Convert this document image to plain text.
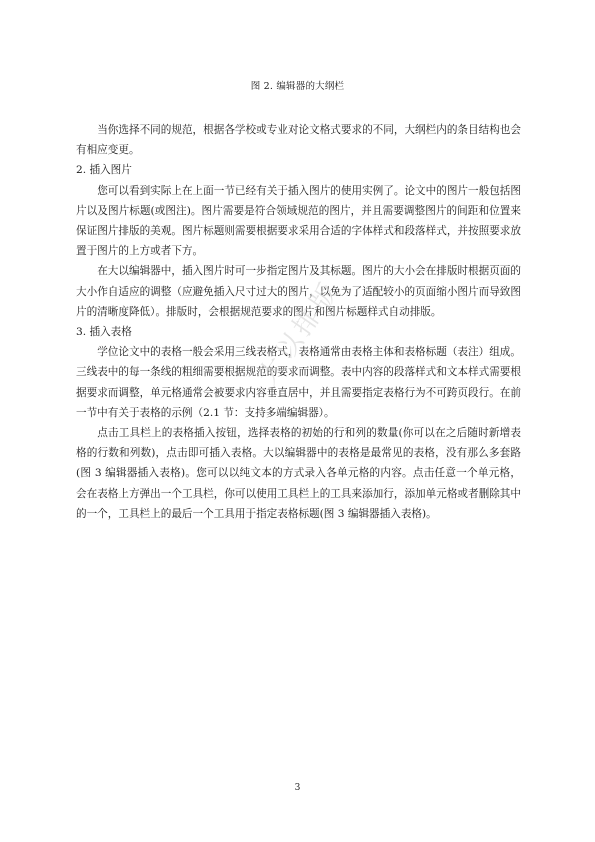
图 2. 编辑器的大纲栏

当你选择不同的规范，根据各学校或专业对论文格式要求的不同，大纲栏内的条目结构也会有相应变更。

2. 插入图片

您可以看到实际上在上面一节已经有关于插入图片的使用实例了。论文中的图片一般包括图片以及图片标题(或图注)。图片需要是符合领域规范的图片，并且需要调整图片的间距和位置来保证图片排版的美观。图片标题则需要根据要求采用合适的字体样式和段落样式，并按照要求放置于图片的上方或者下方。

在大以编辑器中，插入图片时可一步指定图片及其标题。图片的大小会在排版时根据页面的大小作自适应的调整（应避免插入尺寸过大的图片，以免为了适配较小的页面缩小图片而导致图片的清晰度降低）。排版时，会根据规范要求的图片和图片标题样式自动排版。

3. 插入表格

学位论文中的表格一般会采用三线表格式，表格通常由表格主体和表格标题（表注）组成。三线表中的每一条线的粗细需要根据规范的要求而调整。表中内容的段落样式和文本样式需要根据要求而调整，单元格通常会被要求内容垂直居中，并且需要指定表格行为不可跨页段行。在前一节中有关于表格的示例（2.1 节：支持多端编辑器）。

点击工具栏上的表格插入按钮，选择表格的初始的行和列的数量(你可以在之后随时新增表格的行数和列数)，点击即可插入表格。大以编辑器中的表格是最常见的表格，没有那么多套路(图 3 编辑器插入表格)。您可以以纯文本的方式录入各单元格的内容。点击任意一个单元格，会在表格上方弹出一个工具栏，你可以使用工具栏上的工具来添加行，添加单元格或者删除其中的一个，工具栏上的最后一个工具用于指定表格标题(图 3 编辑器插入表格)。

大以排版
3
